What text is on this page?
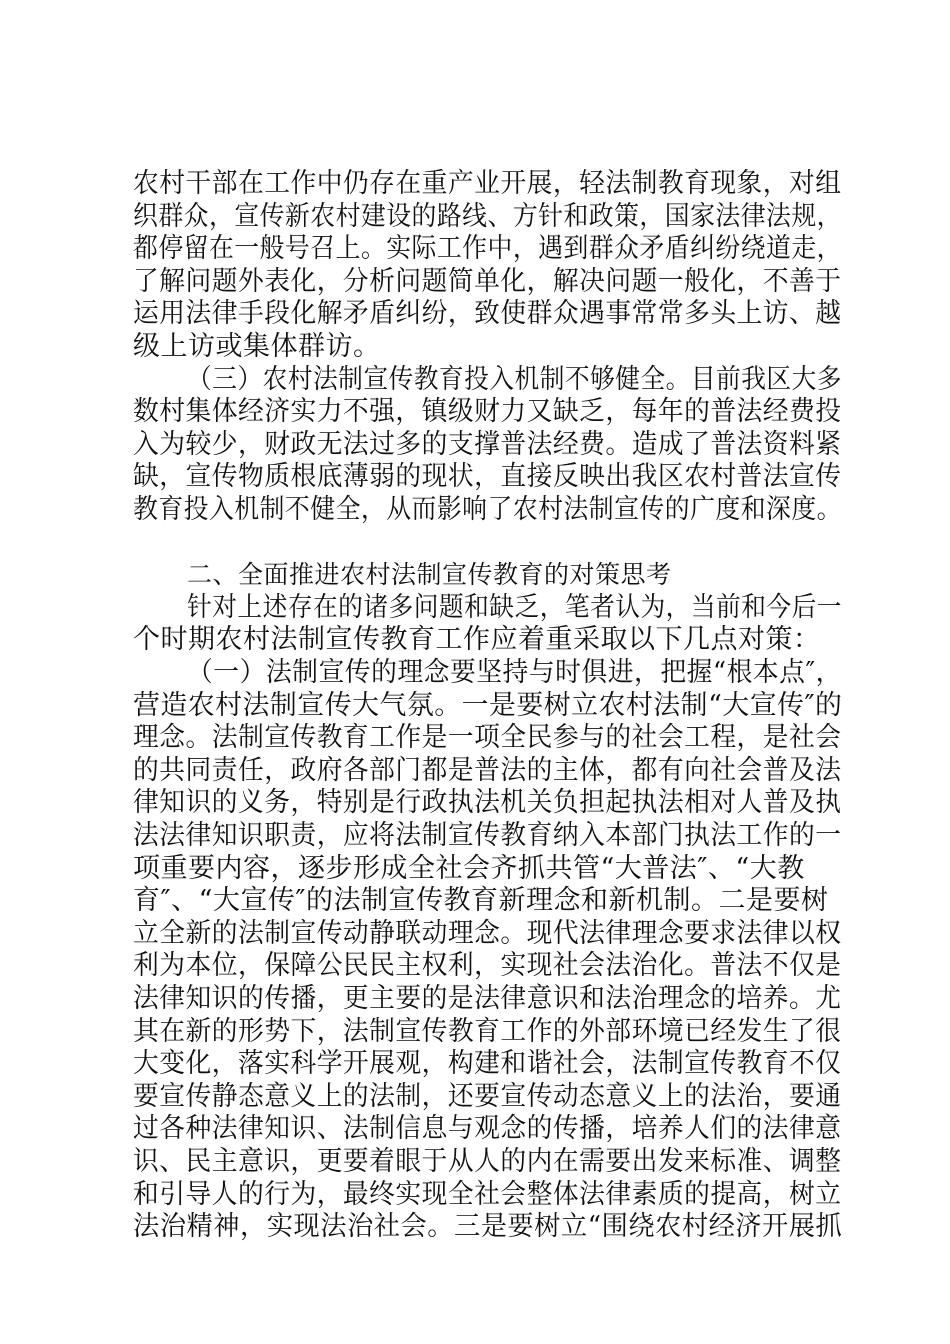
农村干部在工作中仍存在重产业开展，轻法制教育现象，对组
织群众，宣传新农村建设的路线、方针和政策，国家法律法规，
都停留在一般号召上。实际工作中，遇到群众矛盾纠纷绕道走，
了解问题外表化，分析问题简单化，解决问题一般化，不善于
运用法律手段化解矛盾纠纷，致使群众遇事常常多头上访、越
级上访或集体群访。
（三）农村法制宣传教育投入机制不够健全。目前我区大多
数村集体经济实力不强，镇级财力又缺乏，每年的普法经费投
入为较少，财政无法过多的支撑普法经费。造成了普法资料紧
缺，宣传物质根底薄弱的现状，直接反映出我区农村普法宣传
教育投入机制不健全，从而影响了农村法制宣传的广度和深度。
二、全面推进农村法制宣传教育的对策思考
针对上述存在的诸多问题和缺乏，笔者认为，当前和今后一
个时期农村法制宣传教育工作应着重采取以下几点对策：
（一）法制宣传的理念要坚持与时俱进，把握“根本点″，
营造农村法制宣传大气氛。一是要树立农村法制“大宣传″的
理念。法制宣传教育工作是一项全民参与的社会工程，是社会
的共同责任，政府各部门都是普法的主体，都有向社会普及法
律知识的义务，特别是行政执法机关负担起执法相对人普及执
法法律知识职责，应将法制宣传教育纳入本部门执法工作的一
项重要内容，逐步形成全社会齐抓共管“大普法″、“大教
育″、“大宣传″的法制宣传教育新理念和新机制。二是要树
立全新的法制宣传动静联动理念。现代法律理念要求法律以权
利为本位，保障公民民主权利，实现社会法治化。普法不仅是
法律知识的传播，更主要的是法律意识和法治理念的培养。尤
其在新的形势下，法制宣传教育工作的外部环境已经发生了很
大变化，落实科学开展观，构建和谐社会，法制宣传教育不仅
要宣传静态意义上的法制，还要宣传动态意义上的法治，要通
过各种法律知识、法制信息与观念的传播，培养人们的法律意
识、民主意识，更要着眼于从人的内在需要出发来标准、调整
和引导人的行为，最终实现全社会整体法律素质的提高，树立
法治精神，实现法治社会。三是要树立“围绕农村经济开展抓
